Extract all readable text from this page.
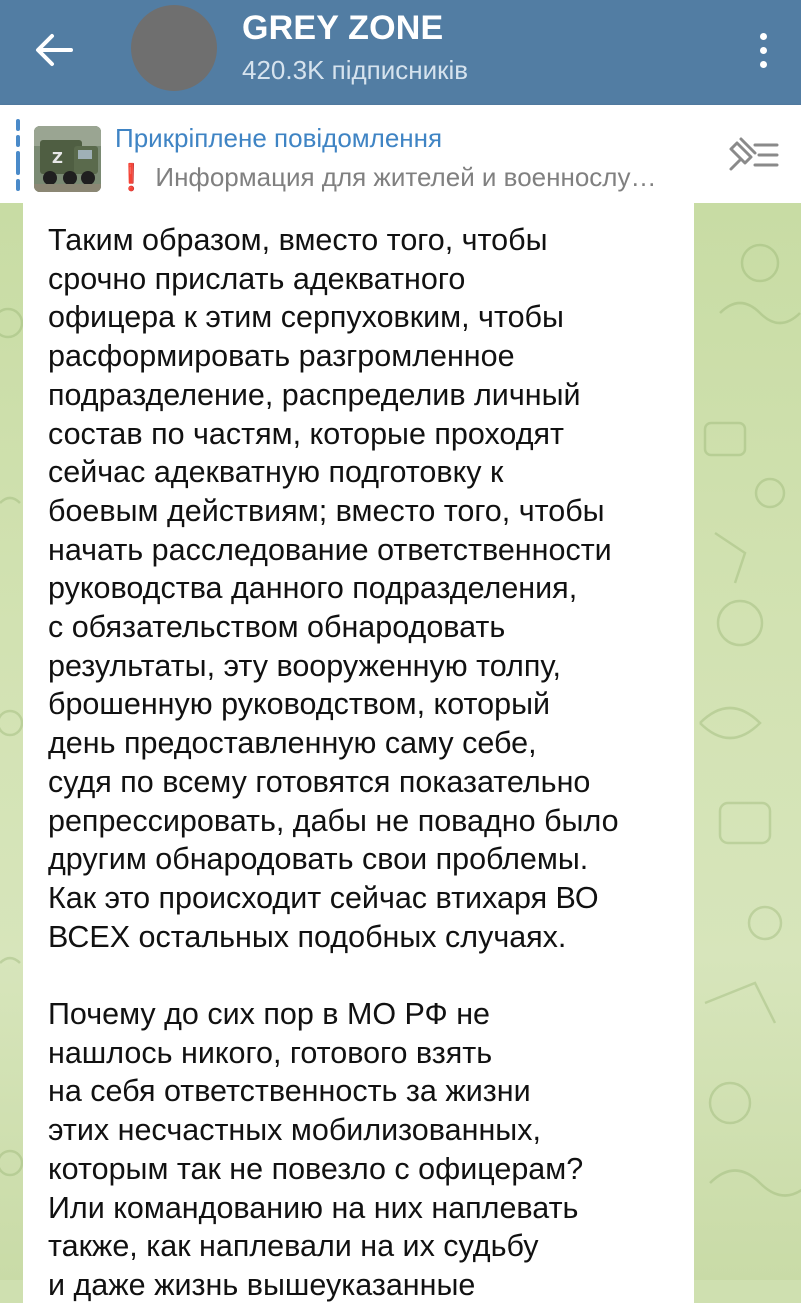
GREY ZONE
420.3K підписників
Z
Прикріплене повідомлення
❗ Информация для жителей и военнослу…
Таким образом, вместо того, чтобы
срочно прислать адекватного
офицера к этим серпуховким, чтобы
расформировать разгромленное
подразделение, распределив личный
состав по частям, которые проходят
сейчас адекватную подготовку к
боевым действиям; вместо того, чтобы
начать расследование ответственности
руководства данного подразделения,
с обязательством обнародовать
результаты, эту вооруженную толпу,
брошенную руководством, который
день предоставленную саму себе,
судя по всему готовятся показательно
репрессировать, дабы не повадно было
другим обнародовать свои проблемы.
Как это происходит сейчас втихаря ВО
ВСЕХ остальных подобных случаях.

Почему до сих пор в МО РФ не
нашлось никого, готового взять
на себя ответственность за жизни
этих несчастных мобилизованных,
которым так не повезло с офицерам?
Или командованию на них наплевать
также, как наплевали на их судьбу
и даже жизнь вышеуказанные
